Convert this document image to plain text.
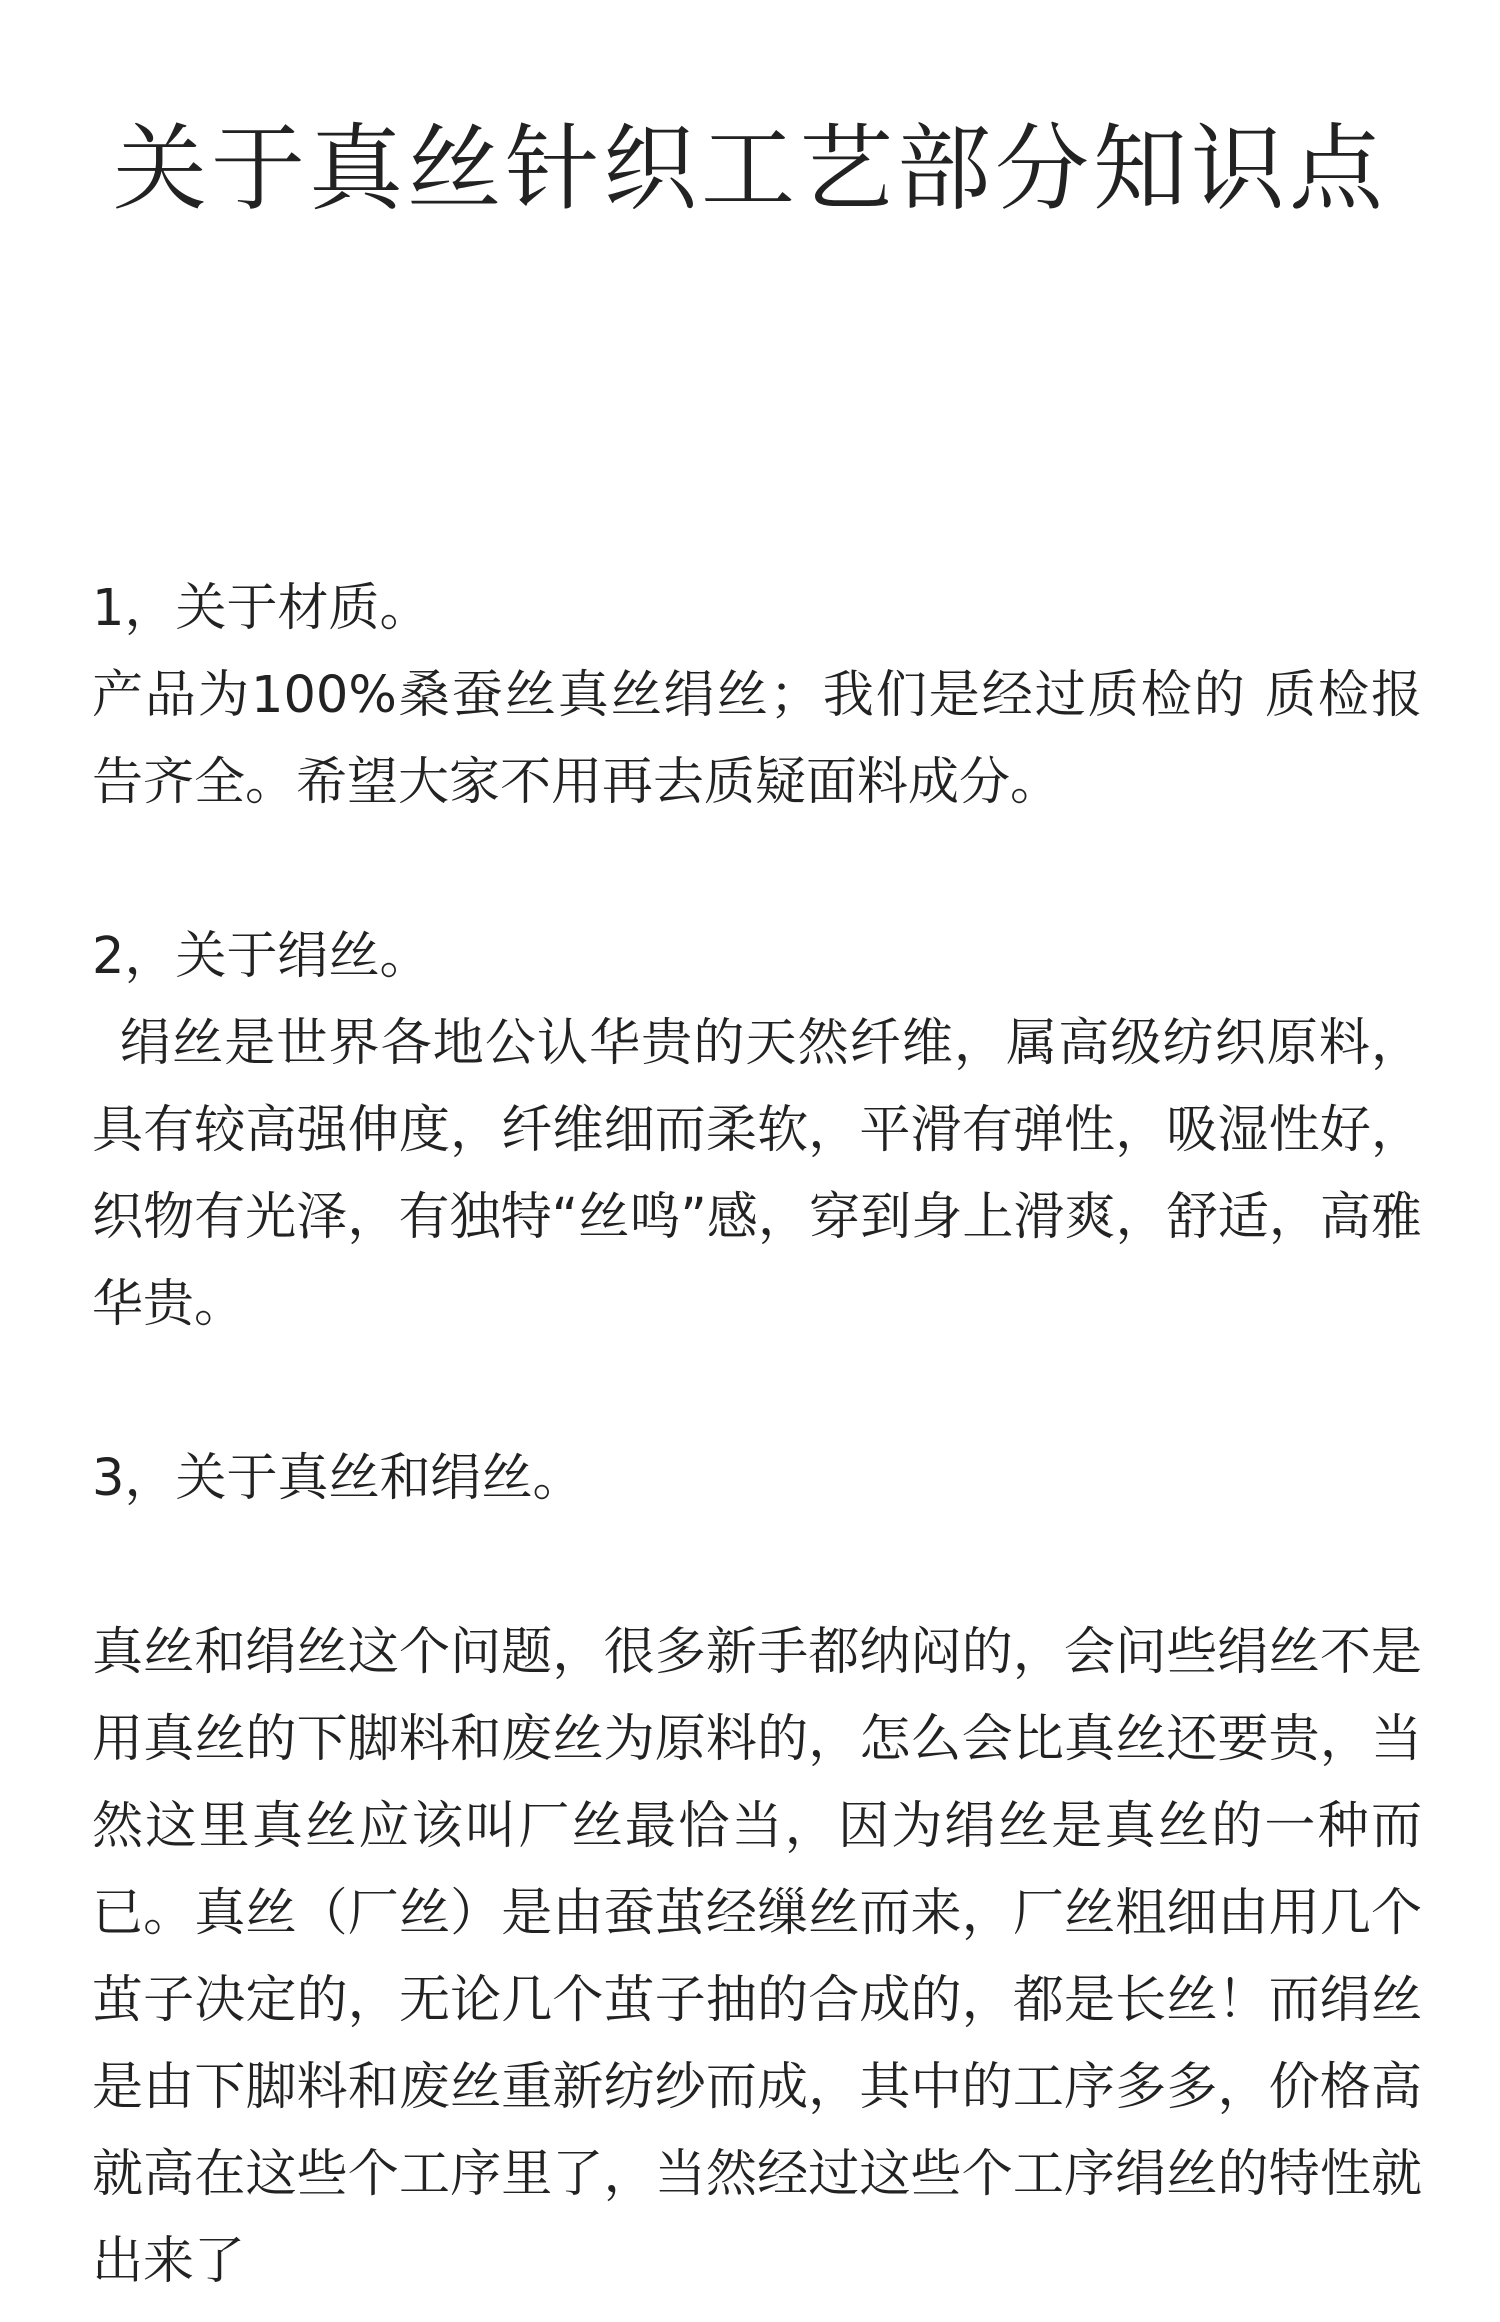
关于真丝针织工艺部分知识点

1，关于材质。

产品为100%桑蚕丝真丝绢丝；我们是经过质检的 质检报告齐全。希望大家不用再去质疑面料成分。

2，关于绢丝。

绢丝是世界各地公认华贵的天然纤维，属高级纺织原料，具有较高强伸度，纤维细而柔软，平滑有弹性，吸湿性好，织物有光泽，有独特“丝鸣”感，穿到身上滑爽，舒适，高雅华贵。

3，关于真丝和绢丝。

真丝和绢丝这个问题，很多新手都纳闷的，会问些绢丝不是用真丝的下脚料和废丝为原料的，怎么会比真丝还要贵，当然这里真丝应该叫厂丝最恰当，因为绢丝是真丝的一种而已。真丝（厂丝）是由蚕茧经缫丝而来，厂丝粗细由用几个茧子决定的，无论几个茧子抽的合成的，都是长丝！而绢丝是由下脚料和废丝重新纺纱而成，其中的工序多多，价格高就高在这些个工序里了，当然经过这些个工序绢丝的特性就出来了
